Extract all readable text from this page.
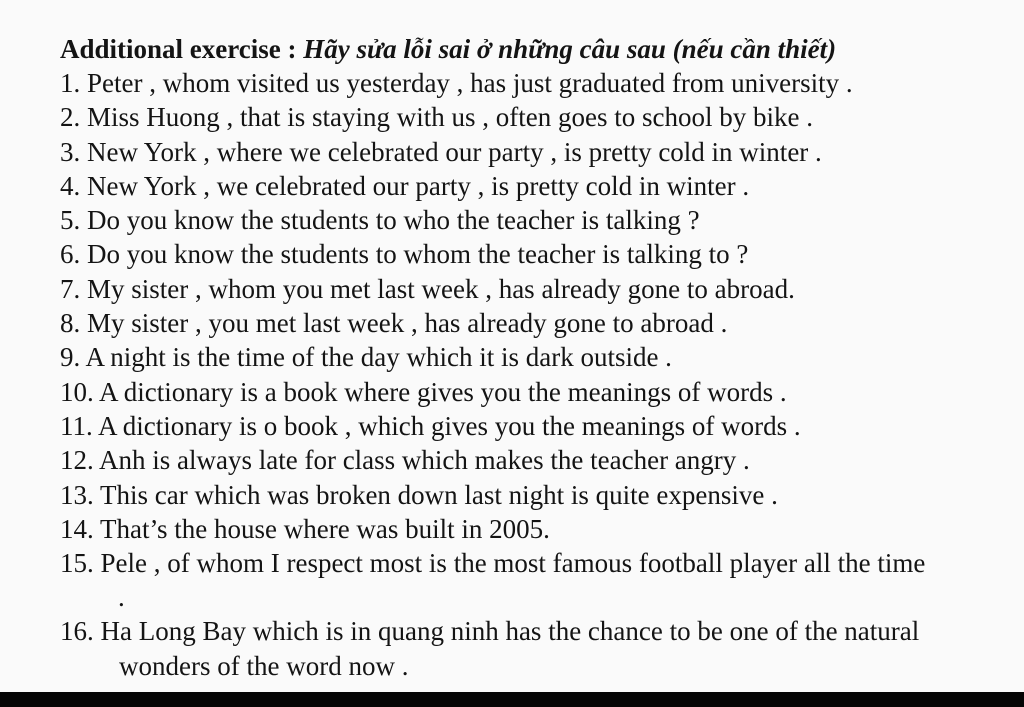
Additional exercise : Hãy sửa lỗi sai ở những câu sau (nếu cần thiết)
1. Peter , whom visited us yesterday , has just graduated from university .
2. Miss Huong , that is staying with us , often goes to school by bike .
3. New York , where we celebrated our party , is pretty cold in winter .
4. New York , we celebrated our party , is pretty cold in winter .
5. Do you know the students to who the teacher is talking ?
6. Do you know the students to whom the teacher is talking to ?
7. My sister , whom you met last week , has already gone to abroad.
8. My sister , you met last week , has already gone to abroad .
9. A night is the time of the day which it is dark outside .
10. A dictionary is a book where gives you the meanings of words .
11. A dictionary is o book , which gives you the meanings of words .
12. Anh is always late for class which makes the teacher angry .
13. This car which was broken down last night is quite expensive .
14. That’s the house where was built in 2005.
15. Pele , of whom I respect most is the most famous football player all the time
.
16. Ha Long Bay which is in quang ninh has the chance to be one of the natural
wonders of the word now .
